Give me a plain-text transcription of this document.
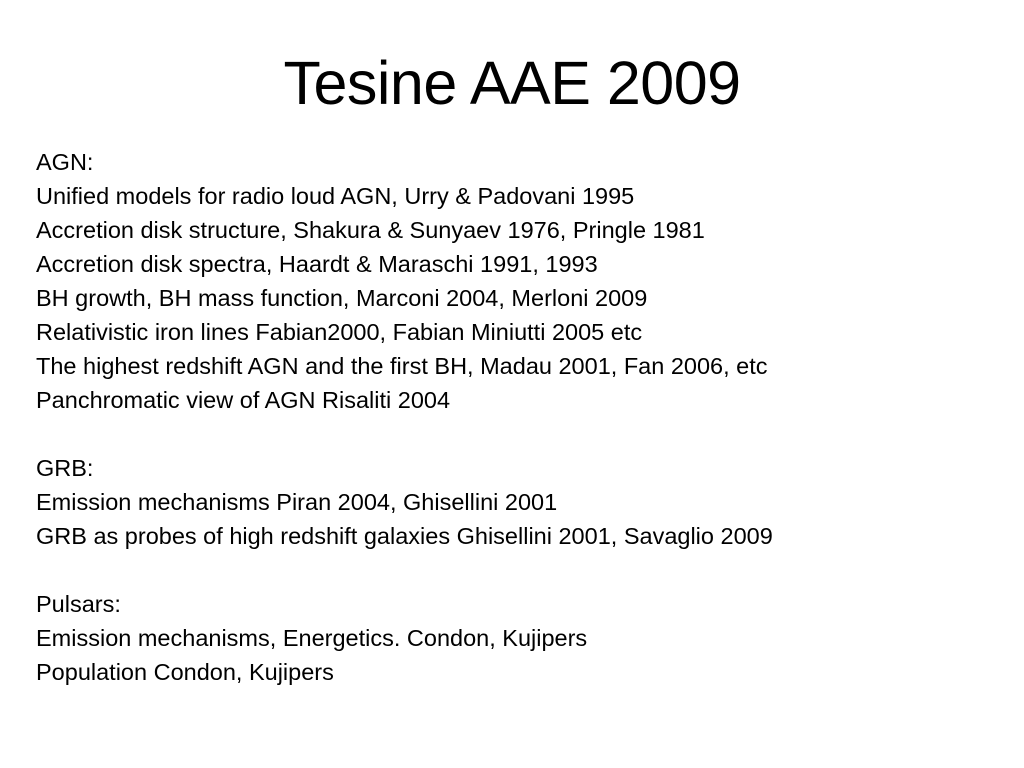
Tesine AAE 2009
AGN:
Unified models for radio loud AGN, Urry & Padovani 1995
Accretion disk structure, Shakura & Sunyaev 1976, Pringle 1981
Accretion disk spectra, Haardt & Maraschi 1991, 1993
BH growth, BH mass function, Marconi 2004, Merloni 2009
Relativistic iron lines Fabian2000, Fabian Miniutti 2005 etc
The highest redshift AGN and the first BH, Madau 2001, Fan 2006, etc
Panchromatic view of AGN Risaliti 2004
GRB:
Emission mechanisms Piran 2004, Ghisellini 2001
GRB as probes of high redshift galaxies Ghisellini 2001, Savaglio 2009
Pulsars:
Emission mechanisms, Energetics. Condon, Kujipers
Population Condon, Kujipers
